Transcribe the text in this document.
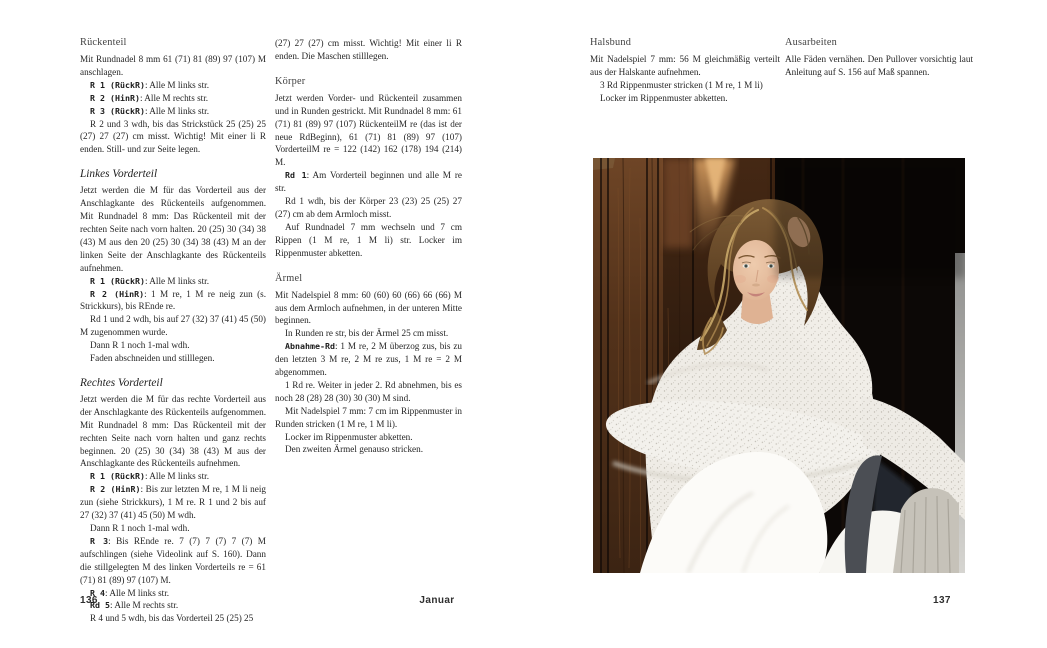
Rückenteil
Mit Rundnadel 8 mm 61 (71) 81 (89) 97 (107) M anschlagen.
R 1 (RückR): Alle M links str.
R 2 (HinR): Alle M rechts str.
R 3 (RückR): Alle M links str.
R 2 und 3 wdh, bis das Strickstück 25 (25) 25 (27) 27 (27) cm misst. Wichtig! Mit einer li R enden. Still- und zur Seite legen.
Linkes Vorderteil
Jetzt werden die M für das Vorderteil aus der Anschlagkante des Rückenteils aufgenommen. Mit Rundnadel 8 mm: Das Rückenteil mit der rechten Seite nach vorn halten. 20 (25) 30 (34) 38 (43) M aus den 20 (25) 30 (34) 38 (43) M an der linken Seite der Anschlagkante des Rückenteils aufnehmen.
R 1 (RückR): Alle M links str.
R 2 (HinR): 1 M re, 1 M re neig zun (s. Strickkurs), bis REnde re.
Rd 1 und 2 wdh, bis auf 27 (32) 37 (41) 45 (50) M zugenommen wurde.
Dann R 1 noch 1-mal wdh.
Faden abschneiden und stilllegen.
Rechtes Vorderteil
Jetzt werden die M für das rechte Vorderteil aus der Anschlagkante des Rückenteils aufgenommen. Mit Rundnadel 8 mm: Das Rückenteil mit der rechten Seite nach vorn halten und ganz rechts beginnen. 20 (25) 30 (34) 38 (43) M aus der Anschlagkante des Rückenteils aufnehmen.
R 1 (RückR): Alle M links str.
R 2 (HinR): Bis zur letzten M re, 1 M li neig zun (siehe Strickkurs), 1 M re. R 1 und 2 bis auf 27 (32) 37 (41) 45 (50) M wdh.
Dann R 1 noch 1-mal wdh.
R 3: Bis REnde re. 7 (7) 7 (7) 7 (7) M aufschlingen (siehe Videolink auf S. 160). Dann die stillgelegten M des linken Vorderteils re = 61 (71) 81 (89) 97 (107) M.
R 4: Alle M links str.
Rd 5: Alle M rechts str.
R 4 und 5 wdh, bis das Vorderteil 25 (25) 25
(27) 27 (27) cm misst. Wichtig! Mit einer li R enden. Die Maschen stilllegen.
Körper
Jetzt werden Vorder- und Rückenteil zusammen und in Runden gestrickt. Mit Rundnadel 8 mm: 61 (71) 81 (89) 97 (107) RückenteilM re (das ist der neue RdBeginn), 61 (71) 81 (89) 97 (107) VorderteilM re = 122 (142) 162 (178) 194 (214) M.
Rd 1: Am Vorderteil beginnen und alle M re str.
Rd 1 wdh, bis der Körper 23 (23) 25 (25) 27 (27) cm ab dem Armloch misst.
Auf Rundnadel 7 mm wechseln und 7 cm Rippen (1 M re, 1 M li) str. Locker im Rippenmuster abketten.
Ärmel
Mit Nadelspiel 8 mm: 60 (60) 60 (66) 66 (66) M aus dem Armloch aufnehmen, in der unteren Mitte beginnen.
In Runden re str, bis der Ärmel 25 cm misst.
Abnahme-Rd: 1 M re, 2 M überzog zus, bis zu den letzten 3 M re, 2 M re zus, 1 M re = 2 M abgenommen.
1 Rd re. Weiter in jeder 2. Rd abnehmen, bis es noch 28 (28) 28 (30) 30 (30) M sind.
Mit Nadelspiel 7 mm: 7 cm im Rippenmuster in Runden stricken (1 M re, 1 M li).
Locker im Rippenmuster abketten.
Den zweiten Ärmel genauso stricken.
Halsbund
Mit Nadelspiel 7 mm: 56 M gleichmäßig verteilt aus der Halskante aufnehmen.
3 Rd Rippenmuster stricken (1 M re, 1 M li)
Locker im Rippenmuster abketten.
Ausarbeiten
Alle Fäden vernähen. Den Pullover vorsichtig laut Anleitung auf S. 156 auf Maß spannen.
136	Januar	137
